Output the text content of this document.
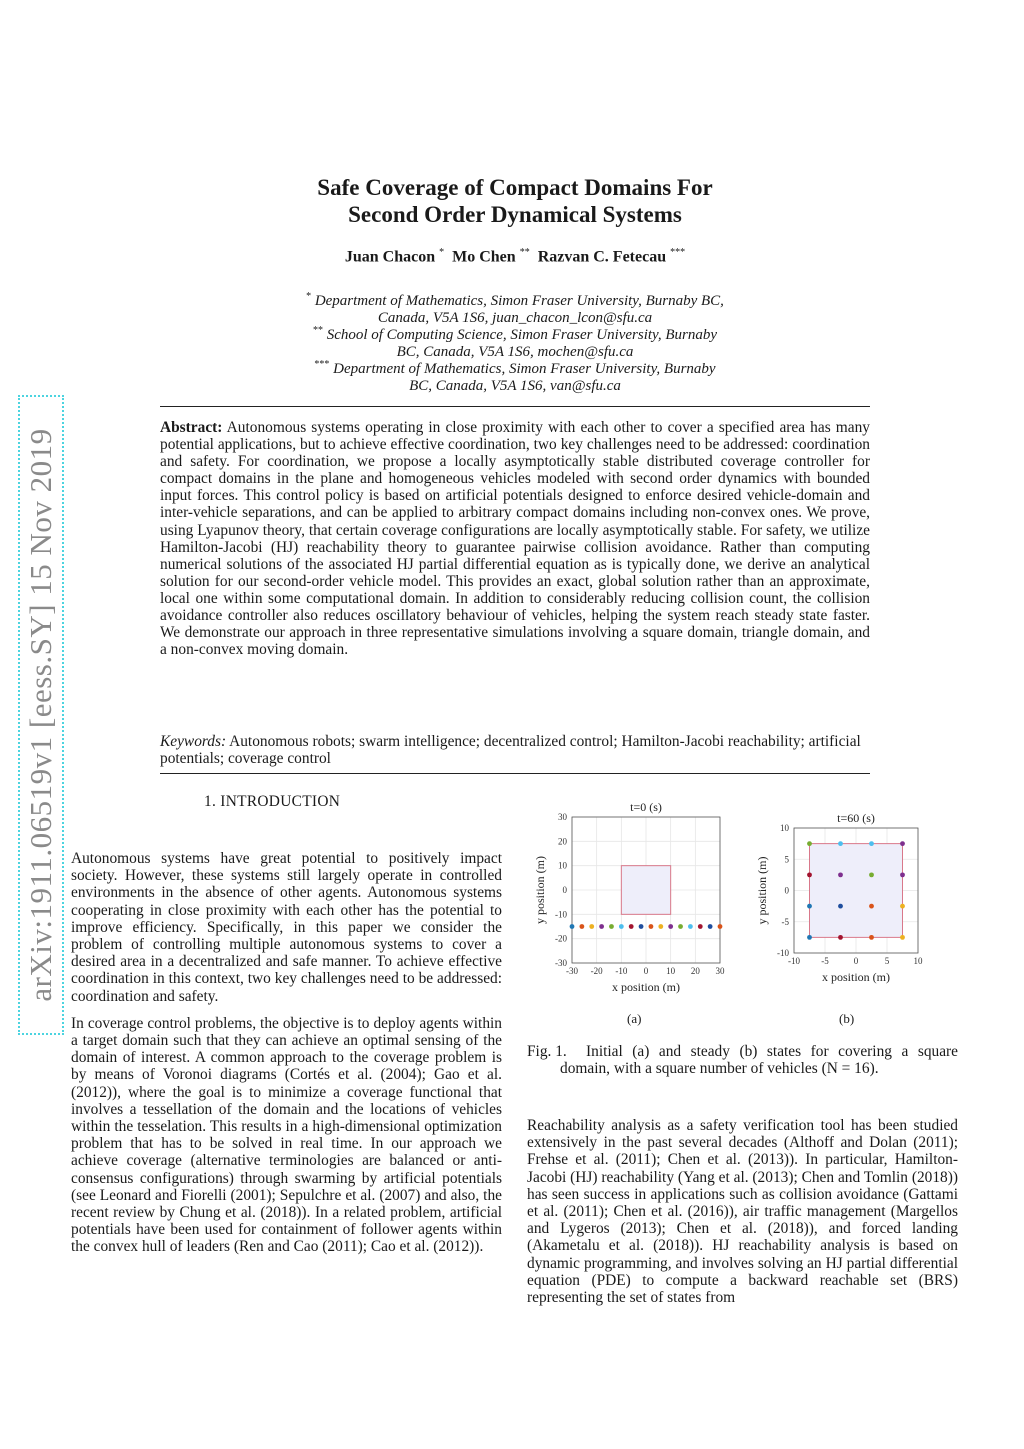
arXiv:1911.06519v1 [eess.SY] 15 Nov 2019
Safe Coverage of Compact Domains For
Second Order Dynamical Systems
Juan Chacon * Mo Chen ** Razvan C. Fetecau ***
* Department of Mathematics, Simon Fraser University, Burnaby BC,
Canada, V5A 1S6, juan_chacon_lcon@sfu.ca
** School of Computing Science, Simon Fraser University, Burnaby
BC, Canada, V5A 1S6, mochen@sfu.ca
*** Department of Mathematics, Simon Fraser University, Burnaby
BC, Canada, V5A 1S6, van@sfu.ca
Abstract: Autonomous systems operating in close proximity with each other to cover a specified area has many potential applications, but to achieve effective coordination, two key challenges need to be addressed: coordination and safety. For coordination, we propose a locally asymptotically stable distributed coverage controller for compact domains in the plane and homogeneous vehicles modeled with second order dynamics with bounded input forces. This control policy is based on artificial potentials designed to enforce desired vehicle-domain and inter-vehicle separations, and can be applied to arbitrary compact domains including non-convex ones. We prove, using Lyapunov theory, that certain coverage configurations are locally asymptotically stable. For safety, we utilize Hamilton-Jacobi (HJ) reachability theory to guarantee pairwise collision avoidance. Rather than computing numerical solutions of the associated HJ partial differential equation as is typically done, we derive an analytical solution for our second-order vehicle model. This provides an exact, global solution rather than an approximate, local one within some computational domain. In addition to considerably reducing collision count, the collision avoidance controller also reduces oscillatory behaviour of vehicles, helping the system reach steady state faster. We demonstrate our approach in three representative simulations involving a square domain, triangle domain, and a non-convex moving domain.
Keywords: Autonomous robots; swarm intelligence; decentralized control; Hamilton-Jacobi reachability; artificial potentials; coverage control
1. INTRODUCTION

Autonomous systems have great potential to positively impact society. However, these systems still largely operate in controlled environments in the absence of other agents. Autonomous systems cooperating in close proximity with each other has the potential to improve efficiency. Specifically, in this paper we consider the problem of controlling multiple autonomous systems to cover a desired area in a decentralized and safe manner. To achieve effective coordination in this context, two key challenges need to be addressed: coordination and safety.

In coverage control problems, the objective is to deploy agents within a target domain such that they can achieve an optimal sensing of the domain of interest. A common approach to the coverage problem is by means of Voronoi diagrams (Cortés et al. (2004); Gao et al. (2012)), where the goal is to minimize a coverage functional that involves a tessellation of the domain and the locations of vehicles within the tesselation. This results in a high-dimensional optimization problem that has to be solved in real time. In our approach we achieve coverage (alternative terminologies are balanced or anti-consensus configurations) through swarming by artificial potentials (see Leonard and Fiorelli (2001); Sepulchre et al. (2007) and also, the recent review by Chung et al. (2018)). In a related problem, artificial potentials have been used for containment of follower agents within the convex hull of leaders (Ren and Cao (2011); Cao et al. (2012)).

-30 -20 -10 0 10 20 30
-30
-20
-10
0
10
20
30
t=0 (s)
x position (m)
y position (m)
-10 -5	0	5	10
-10
-5
0
5
10
t=60 (s)
x position (m)
y position (m)
(a)	(b)
Fig. 1.	Initial (a) and steady (b) states for covering a square domain, with a square number of vehicles (N = 16).

Reachability analysis as a safety verification tool has been studied extensively in the past several decades (Althoff and Dolan (2011); Frehse et al. (2011); Chen et al. (2013)). In particular, Hamilton-Jacobi (HJ) reachability (Yang et al. (2013); Chen and Tomlin (2018)) has seen success in applications such as collision avoidance (Gattami et al. (2011); Chen et al. (2016)), air traffic management (Margellos and Lygeros (2013); Chen et al. (2018)), and forced landing (Akametalu et al. (2018)). HJ reachability analysis is based on dynamic programming, and involves solving an HJ partial differential equation (PDE) to compute a backward reachable set (BRS) representing the set of states from
